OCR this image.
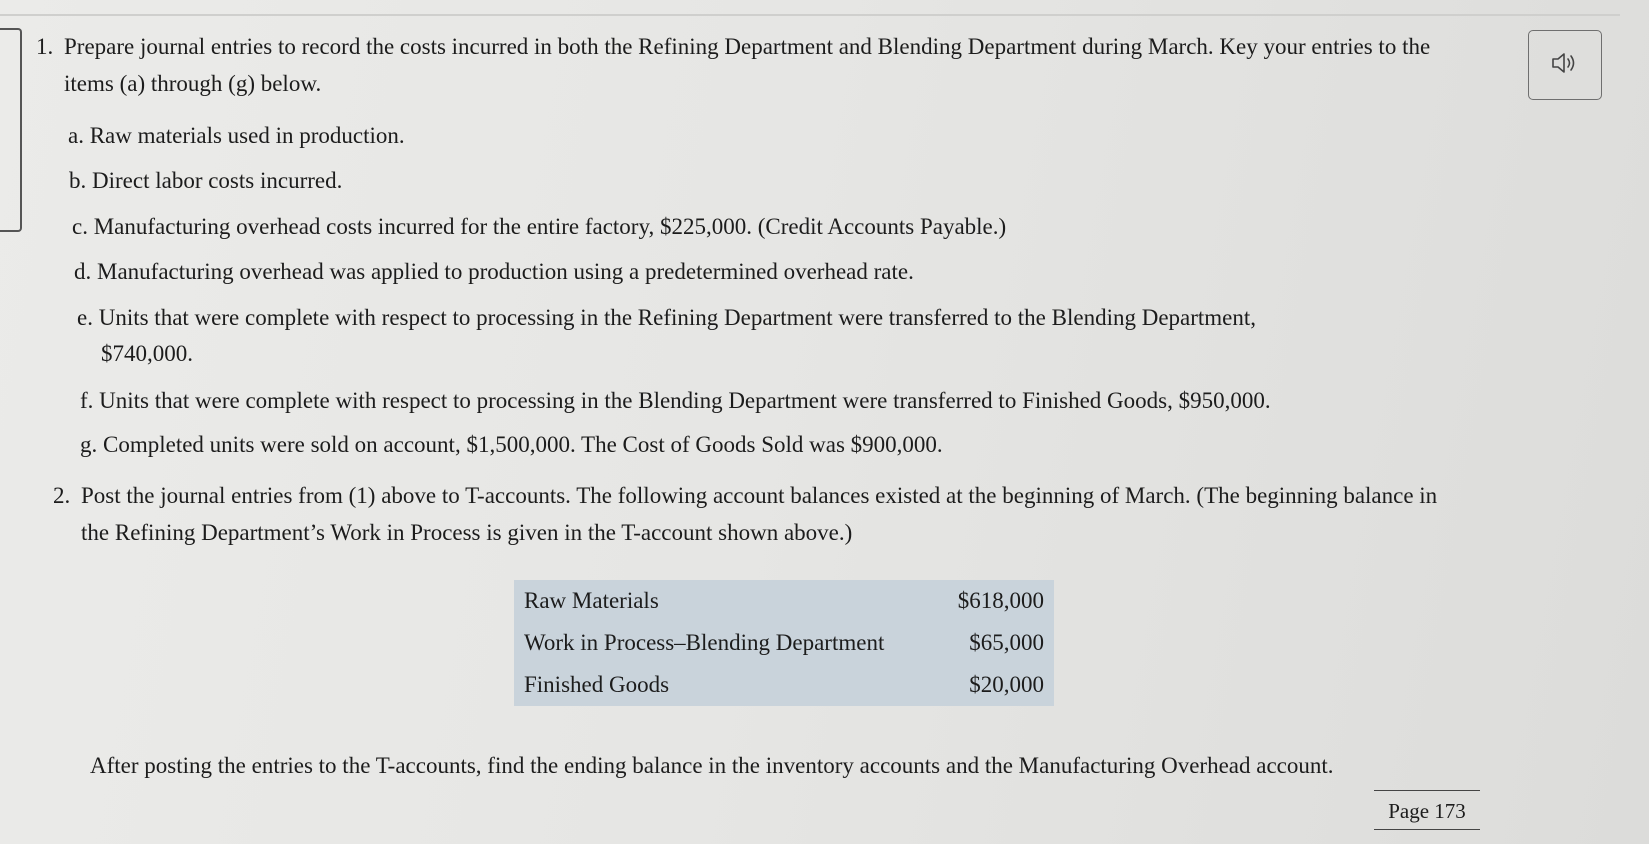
1. Prepare journal entries to record the costs incurred in both the Refining Department and Blending Department during March. Key your entries to the items (a) through (g) below.
a. Raw materials used in production.
b. Direct labor costs incurred.
c. Manufacturing overhead costs incurred for the entire factory, $225,000. (Credit Accounts Payable.)
d. Manufacturing overhead was applied to production using a predetermined overhead rate.
e. Units that were complete with respect to processing in the Refining Department were transferred to the Blending Department,
$740,000.
f. Units that were complete with respect to processing in the Blending Department were transferred to Finished Goods, $950,000.
g. Completed units were sold on account, $1,500,000. The Cost of Goods Sold was $900,000.
2. Post the journal entries from (1) above to T-accounts. The following account balances existed at the beginning of March. (The beginning balance in the Refining Department’s Work in Process is given in the T-account shown above.)
Raw Materials	$618,000
Work in Process–Blending Department	$65,000
Finished Goods	$20,000
After posting the entries to the T-accounts, find the ending balance in the inventory accounts and the Manufacturing Overhead account.
Page 173
